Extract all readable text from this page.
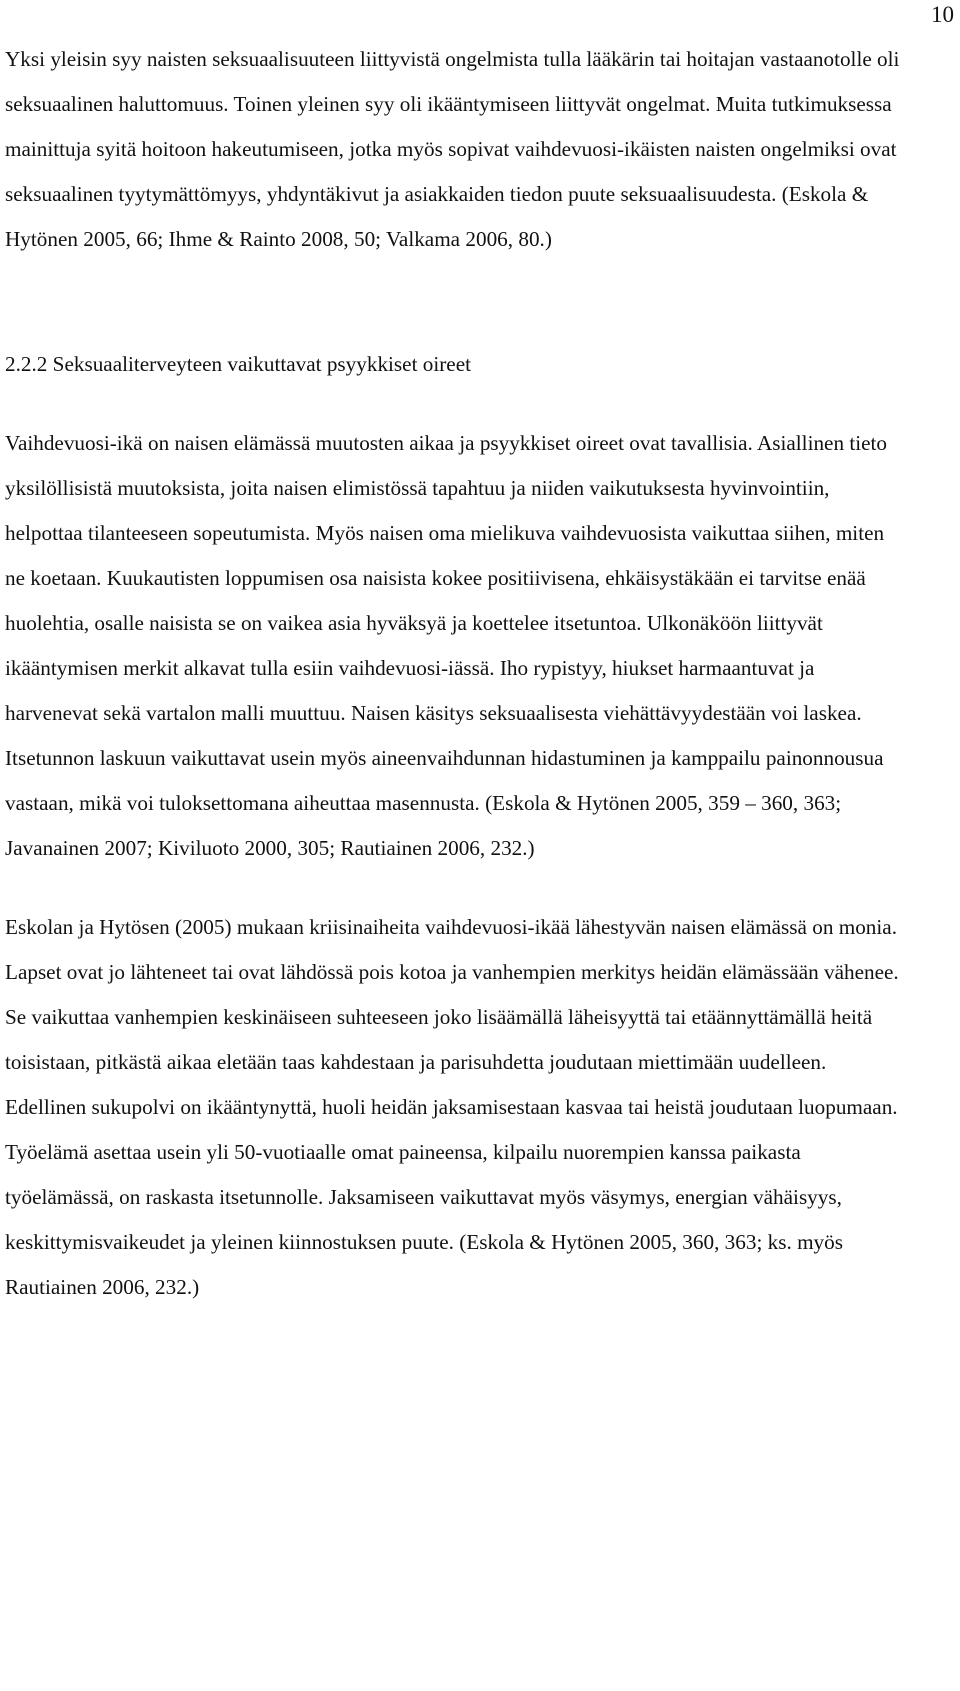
10

Yksi yleisin syy naisten seksuaalisuuteen liittyvistä ongelmista tulla lääkärin tai hoitajan vastaanotolle oli seksuaalinen haluttomuus. Toinen yleinen syy oli ikääntymiseen liittyvät ongelmat. Muita tutkimuksessa mainittuja syitä hoitoon hakeutumiseen, jotka myös sopivat vaihdevuosi-ikäisten naisten ongelmiksi ovat seksuaalinen tyytymättömyys, yhdyntäkivut ja asiakkaiden tiedon puute seksuaalisuudesta. (Eskola & Hytönen 2005, 66; Ihme & Rainto 2008, 50; Valkama 2006, 80.)

2.2.2 Seksuaaliterveyteen vaikuttavat psyykkiset oireet

Vaihdevuosi-ikä on naisen elämässä muutosten aikaa ja psyykkiset oireet ovat tavallisia. Asiallinen tieto yksilöllisistä muutoksista, joita naisen elimistössä tapahtuu ja niiden vaikutuksesta hyvinvointiin, helpottaa tilanteeseen sopeutumista. Myös naisen oma mielikuva vaihdevuosista vaikuttaa siihen, miten ne koetaan. Kuukautisten loppumisen osa naisista kokee positiivisena, ehkäisystäkään ei tarvitse enää huolehtia, osalle naisista se on vaikea asia hyväksyä ja koettelee itsetuntoa. Ulkonäköön liittyvät ikääntymisen merkit alkavat tulla esiin vaihdevuosi-iässä. Iho rypistyy, hiukset harmaantuvat ja harvenevat sekä vartalon malli muuttuu. Naisen käsitys seksuaalisesta viehättävyydestään voi laskea. Itsetunnon laskuun vaikuttavat usein myös aineenvaihdunnan hidastuminen ja kamppailu painonnousua vastaan, mikä voi tuloksettomana aiheuttaa masennusta. (Eskola & Hytönen 2005, 359 – 360, 363; Javanainen 2007; Kiviluoto 2000, 305; Rautiainen 2006, 232.)

Eskolan ja Hytösen (2005) mukaan kriisinaiheita vaihdevuosi-ikää lähestyvän naisen elämässä on monia. Lapset ovat jo lähteneet tai ovat lähdössä pois kotoa ja vanhempien merkitys heidän elämässään vähenee. Se vaikuttaa vanhempien keskinäiseen suhteeseen joko lisäämällä läheisyyttä tai etäännyttämällä heitä toisistaan, pitkästä aikaa eletään taas kahdestaan ja parisuhdetta joudutaan miettimään uudelleen. Edellinen sukupolvi on ikääntynyttä, huoli heidän jaksamisestaan kasvaa tai heistä joudutaan luopumaan. Työelämä asettaa usein yli 50-vuotiaalle omat paineensa, kilpailu nuorempien kanssa paikasta työelämässä, on raskasta itsetunnolle. Jaksamiseen vaikuttavat myös väsymys, energian vähäisyys, keskittymisvaikeudet ja yleinen kiinnostuksen puute. (Eskola & Hytönen 2005, 360, 363; ks. myös Rautiainen 2006, 232.)
